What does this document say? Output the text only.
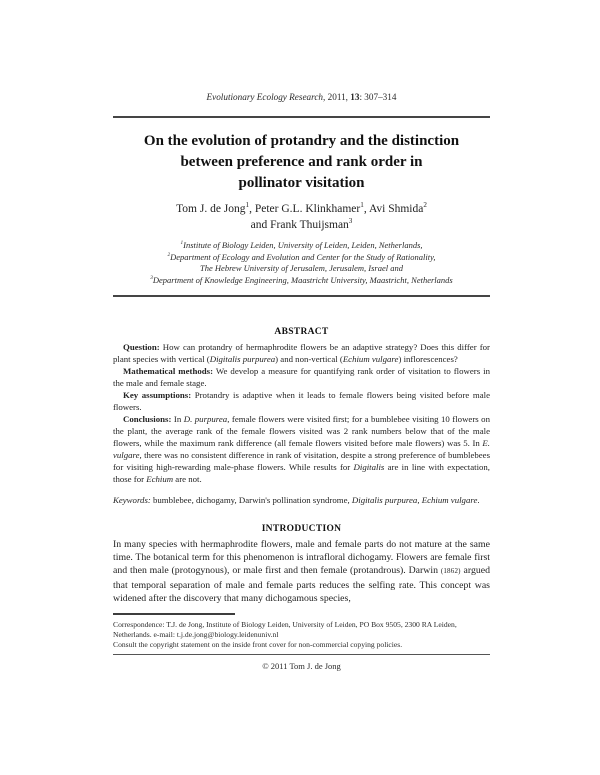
Evolutionary Ecology Research, 2011, 13: 307–314
On the evolution of protandry and the distinction
between preference and rank order in
pollinator visitation
Tom J. de Jong$^1$, Peter G.L. Klinkhamer$^1$, Avi Shmida$^2$
and Frank Thuijsman$^3$
$^1$Institute of Biology Leiden, University of Leiden, Leiden, Netherlands,
$^2$Department of Ecology and Evolution and Center for the Study of Rationality,
The Hebrew University of Jerusalem, Jerusalem, Israel and
$^3$Department of Knowledge Engineering, Maastricht University, Maastricht, Netherlands
ABSTRACT

Question: How can protandry of hermaphrodite flowers be an adaptive strategy? Does this differ for plant species with vertical (Digitalis purpurea) and non-vertical (Echium vulgare) inflorescences?

Mathematical methods: We develop a measure for quantifying rank order of visitation to flowers in the male and female stage.

Key assumptions: Protandry is adaptive when it leads to female flowers being visited before male flowers.

Conclusions: In D. purpurea, female flowers were visited first; for a bumblebee visiting 10 flowers on the plant, the average rank of the female flowers visited was 2 rank numbers below that of the male flowers, while the maximum rank difference (all female flowers visited before male flowers) was 5. In E. vulgare, there was no consistent difference in rank of visitation, despite a strong preference of bumblebees for visiting high-rewarding male-phase flowers. While results for Digitalis are in line with expectation, those for Echium are not.

Keywords: bumblebee, dichogamy, Darwin's pollination syndrome, Digitalis purpurea, Echium vulgare.
INTRODUCTION

In many species with hermaphrodite flowers, male and female parts do not mature at the same time. The botanical term for this phenomenon is intrafloral dichogamy. Flowers are female first and then male (protogynous), or male first and then female (protandrous). Darwin (1862) argued that temporal separation of male and female parts reduces the selfing rate. This concept was widened after the discovery that many dichogamous species,

Correspondence: T.J. de Jong, Institute of Biology Leiden, University of Leiden, PO Box 9505, 2300 RA Leiden, Netherlands. e-mail: t.j.de.jong@biology.leidenuniv.nl

Consult the copyright statement on the inside front cover for non-commercial copying policies.

© 2011 Tom J. de Jong
